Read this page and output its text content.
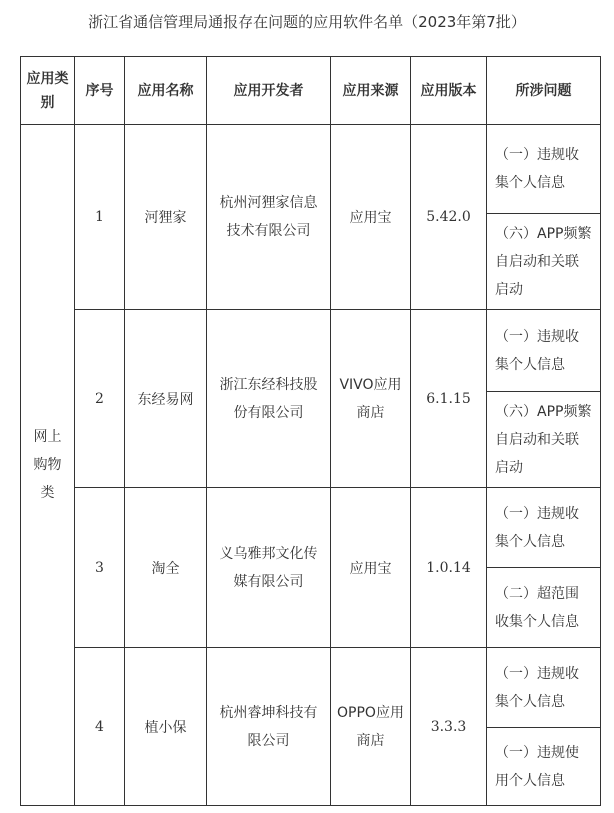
浙江省通信管理局通报存在问题的应用软件名单（2023年第7批）
应用类别	序号	应用名称	应用开发者	应用来源	应用版本	所涉问题

网上购物类	1	河狸家	杭州河狸家信息技术有限公司	应用宝	5.42.0	（一）违规收集个人信息
						（六）APP频繁自启动和关联启动
	2	东经易网	浙江东经科技股份有限公司	VIVO应用商店	6.1.15	（一）违规收集个人信息
						（六）APP频繁自启动和关联启动
	3	淘全	义乌雅邦文化传媒有限公司	应用宝	1.0.14	（一）违规收集个人信息
						（二）超范围收集个人信息
	4	植小保	杭州睿坤科技有限公司	OPPO应用商店	3.3.3	（一）违规收集个人信息
						（一）违规使用个人信息
